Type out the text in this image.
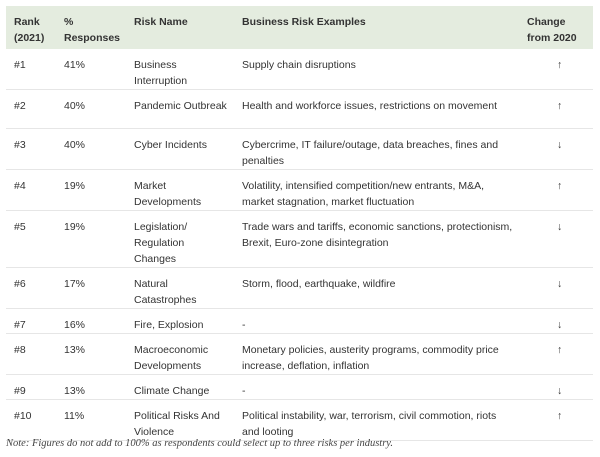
Rank (2021)	% Responses	Risk Name	Business Risk Examples	Change from 2020
#1	41%	Business Interruption	Supply chain disruptions	↑
#2	40%	Pandemic Outbreak	Health and workforce issues, restrictions on movement	↑
#3	40%	Cyber Incidents	Cybercrime, IT failure/outage, data breaches, fines and penalties	↓
#4	19%	Market Developments	Volatility, intensified competition/new entrants, M&A, market stagnation, market fluctuation	↑
#5	19%	Legislation/ Regulation Changes	Trade wars and tariffs, economic sanctions, protectionism, Brexit, Euro-zone disintegration	↓
#6	17%	Natural Catastrophes	Storm, flood, earthquake, wildfire	↓
#7	16%	Fire, Explosion	-	↓
#8	13%	Macroeconomic Developments	Monetary policies, austerity programs, commodity price increase, deflation, inflation	↑
#9	13%	Climate Change	-	↓
#10	11%	Political Risks And Violence	Political instability, war, terrorism, civil commotion, riots and looting	↑

Note: Figures do not add to 100% as respondents could select up to three risks per industry.
